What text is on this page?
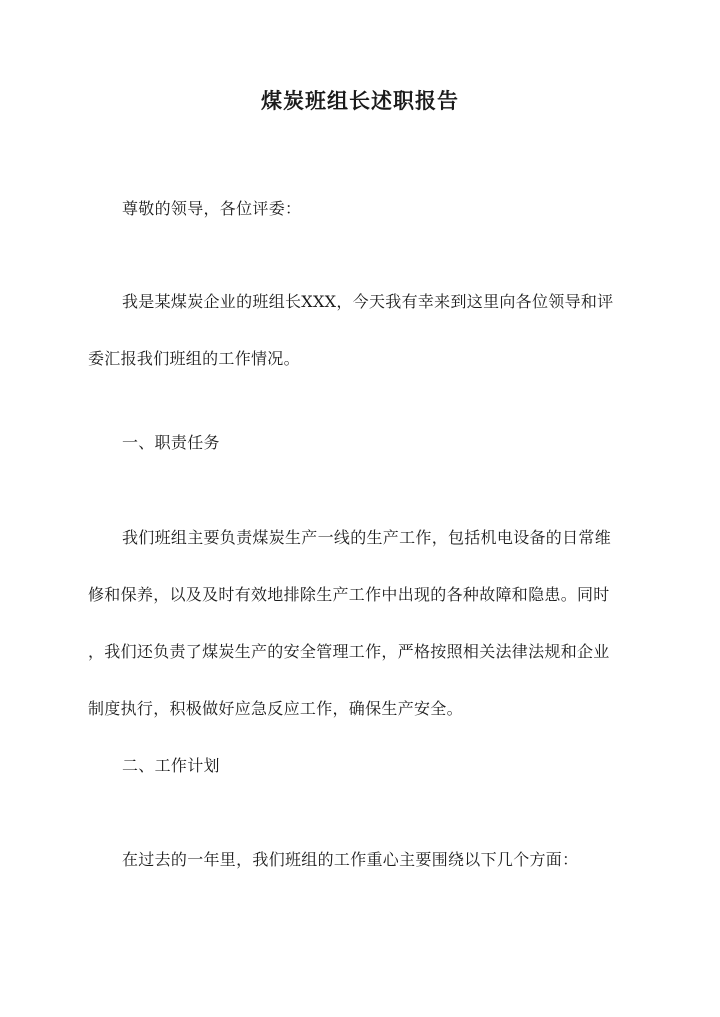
煤炭班组长述职报告
尊敬的领导，各位评委：
我是某煤炭企业的班组长XXX，今天我有幸来到这里向各位领导和评
委汇报我们班组的工作情况。
一、职责任务
我们班组主要负责煤炭生产一线的生产工作，包括机电设备的日常维
修和保养，以及及时有效地排除生产工作中出现的各种故障和隐患。同时
，我们还负责了煤炭生产的安全管理工作，严格按照相关法律法规和企业
制度执行，积极做好应急反应工作，确保生产安全。
二、工作计划
在过去的一年里，我们班组的工作重心主要围绕以下几个方面：
